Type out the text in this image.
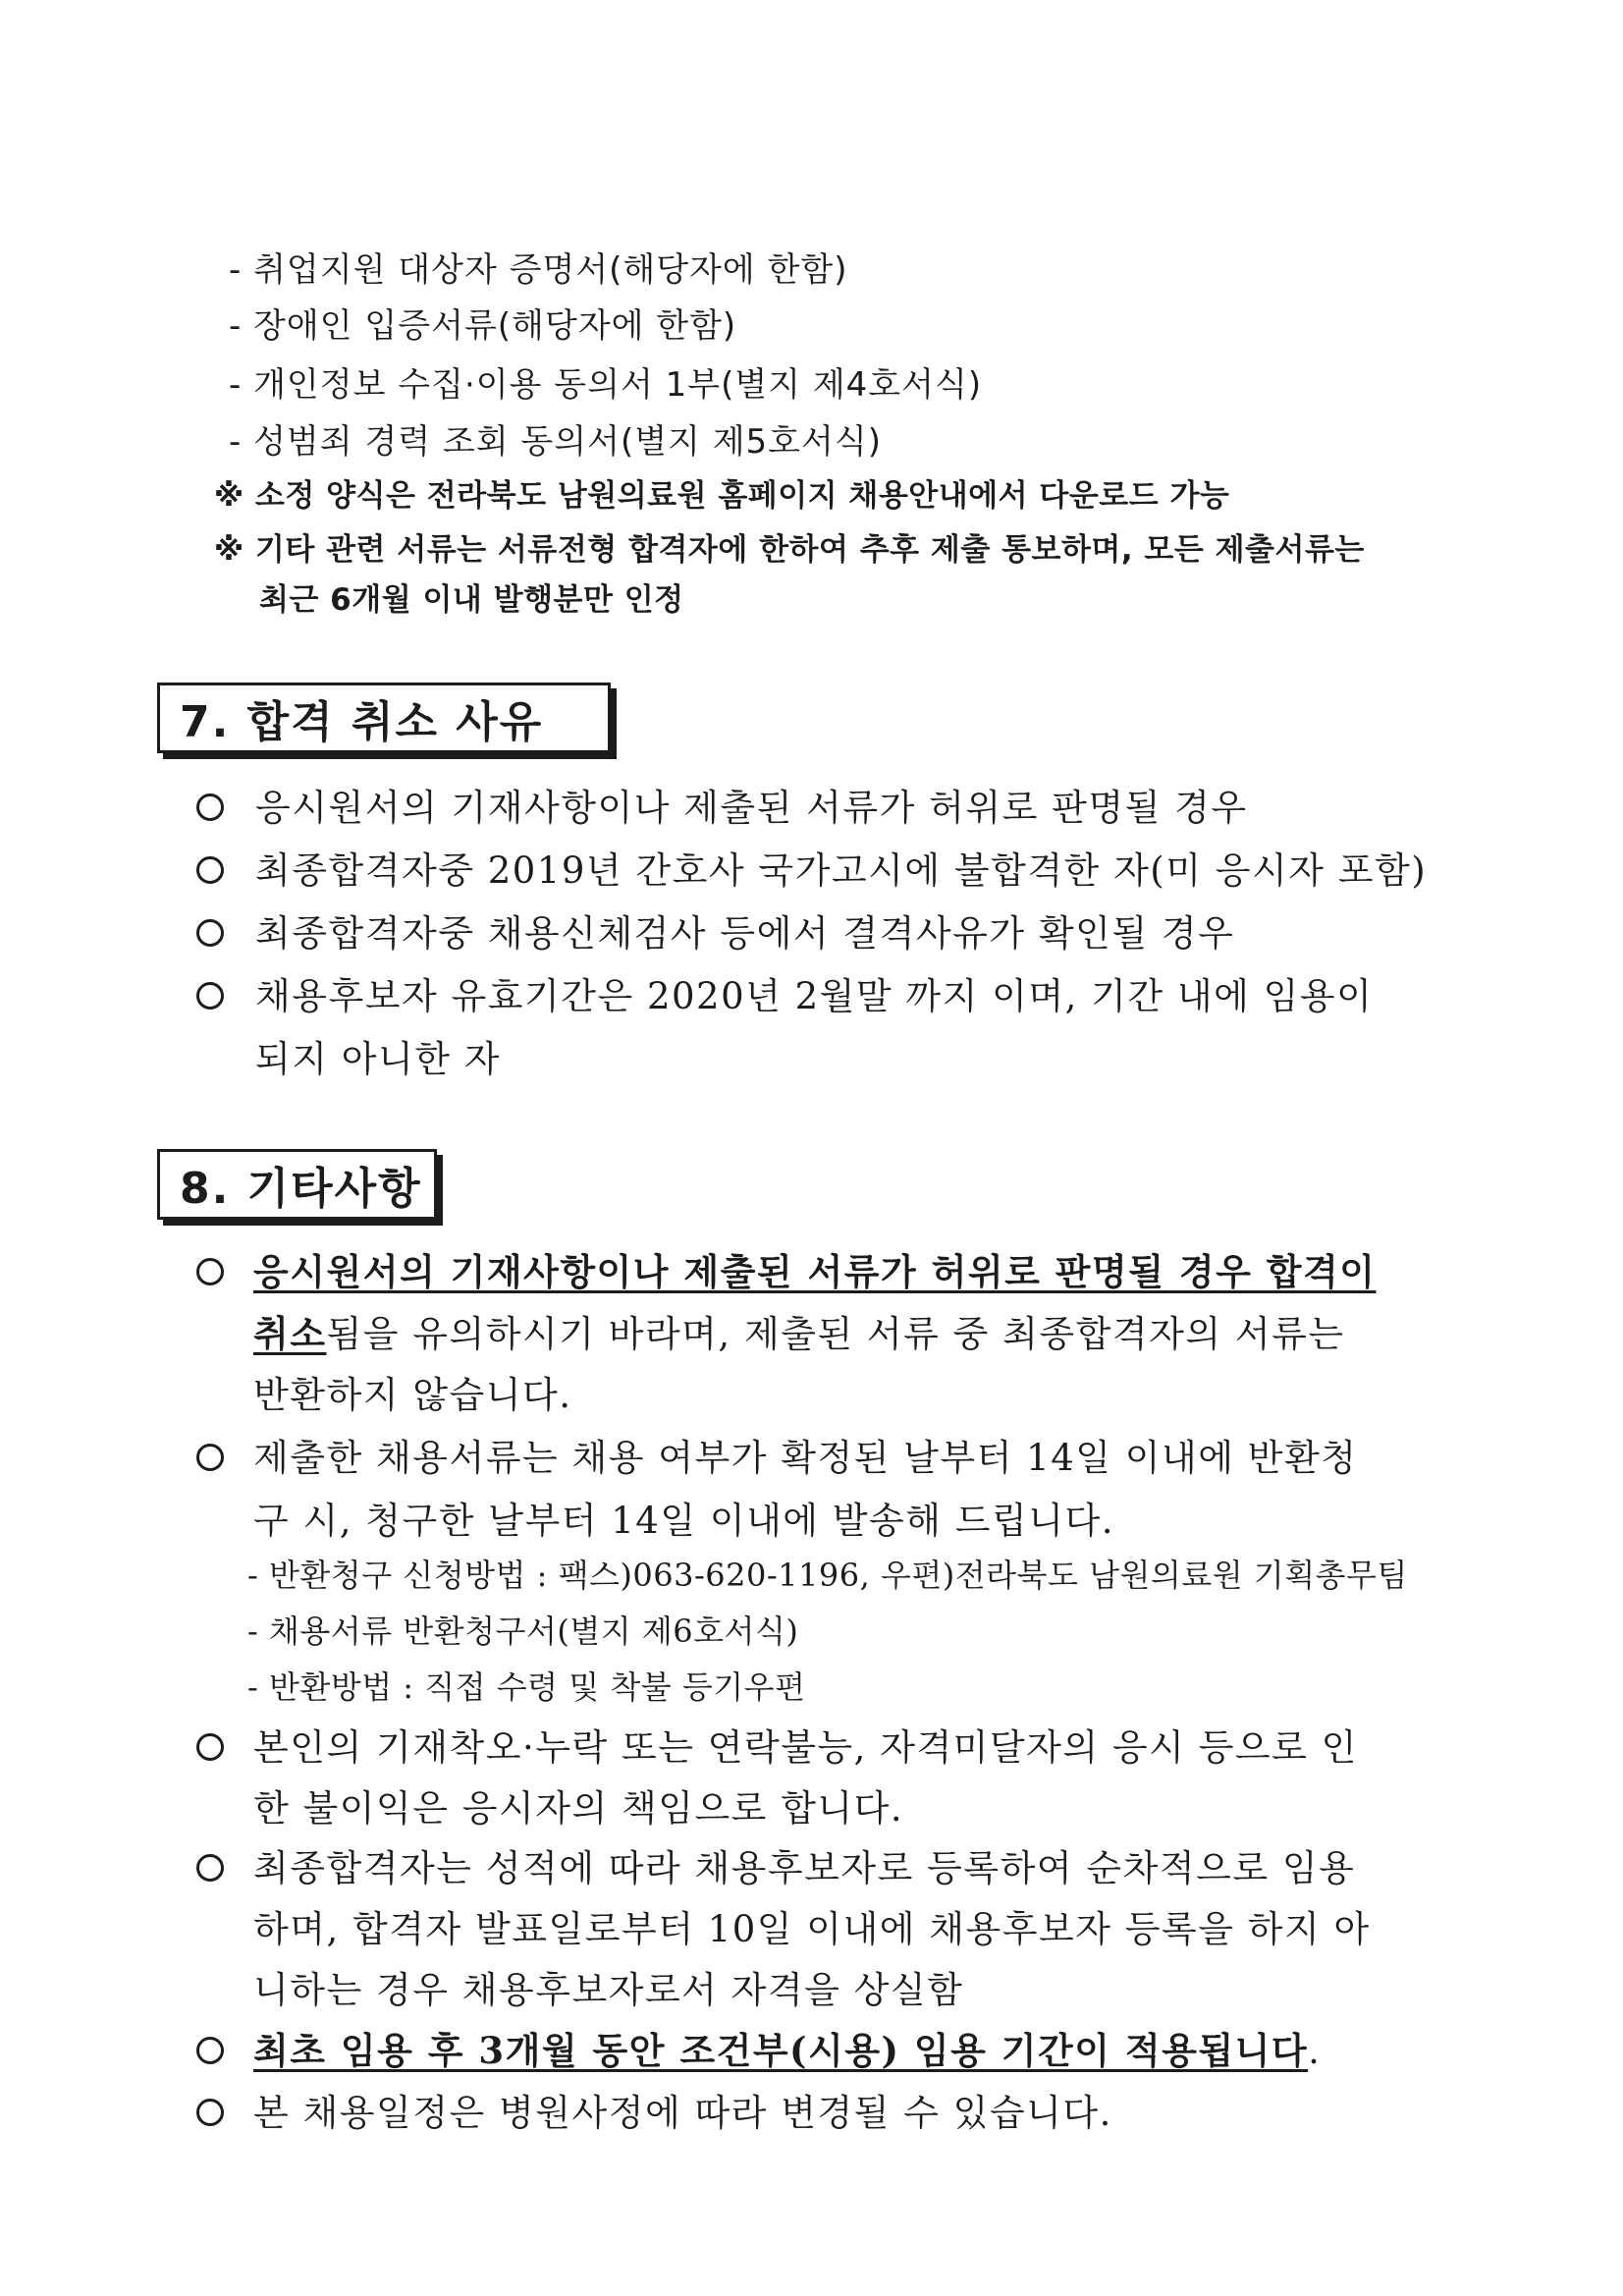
- 취업지원 대상자 증명서(해당자에 한함)
- 장애인 입증서류(해당자에 한함)
- 개인정보 수집·이용 동의서 1부(별지 제4호서식)
- 성범죄 경력 조회 동의서(별지 제5호서식)
※ 소정 양식은 전라북도 남원의료원 홈페이지 채용안내에서 다운로드 가능
※ 기타 관련 서류는 서류전형 합격자에 한하여 추후 제출 통보하며, 모든 제출서류는
최근 6개월 이내 발행분만 인정
7. 합격 취소 사유
응시원서의 기재사항이나 제출된 서류가 허위로 판명될 경우
최종합격자중 2019년 간호사 국가고시에 불합격한 자(미 응시자 포함)
최종합격자중 채용신체검사 등에서 결격사유가 확인될 경우
채용후보자 유효기간은 2020년 2월말 까지 이며, 기간 내에 임용이
되지 아니한 자
8. 기타사항
응시원서의 기재사항이나 제출된 서류가 허위로 판명될 경우 합격이
취소됨을 유의하시기 바라며, 제출된 서류 중 최종합격자의 서류는
반환하지 않습니다.
제출한 채용서류는 채용 여부가 확정된 날부터 14일 이내에 반환청
구 시, 청구한 날부터 14일 이내에 발송해 드립니다.
- 반환청구 신청방법 : 팩스)063-620-1196, 우편)전라북도 남원의료원 기획총무팀
- 채용서류 반환청구서(별지 제6호서식)
- 반환방법 : 직접 수령 및 착불 등기우편
본인의 기재착오·누락 또는 연락불능, 자격미달자의 응시 등으로 인
한 불이익은 응시자의 책임으로 합니다.
최종합격자는 성적에 따라 채용후보자로 등록하여 순차적으로 임용
하며, 합격자 발표일로부터 10일 이내에 채용후보자 등록을 하지 아
니하는 경우 채용후보자로서 자격을 상실함
최초 임용 후 3개월 동안 조건부(시용) 임용 기간이 적용됩니다.
본 채용일정은 병원사정에 따라 변경될 수 있습니다.
